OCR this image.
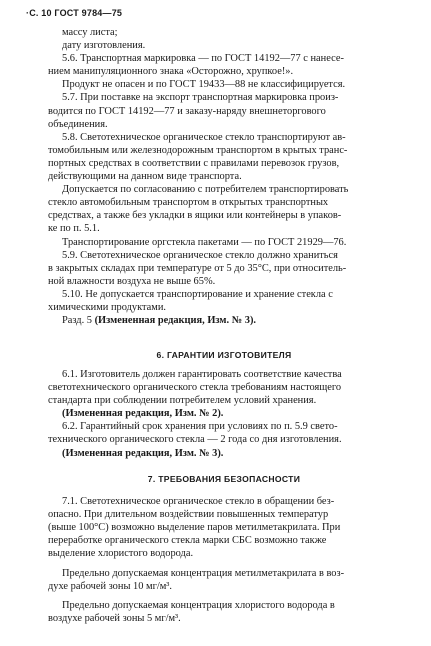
·С. 10 ГОСТ 9784—75
массу листа;
дату изготовления.
5.6. Транспортная маркировка — по ГОСТ 14192—77 с нанесе-
нием манипуляционного знака «Осторожно, хрупкое!».
Продукт не опасен и по ГОСТ 19433—88 не классифицируется.
5.7. При поставке на экспорт транспортная маркировка произ-
водится по ГОСТ 14192—77 и заказу-наряду внешнеторгового
объединения.
5.8. Светотехническое органическое стекло транспортируют ав-
томобильным или железнодорожным транспортом в крытых транс-
портных средствах в соответствии с правилами перевозок грузов,
действующими на данном виде транспорта.
Допускается по согласованию с потребителем транспортировать
стекло автомобильным транспортом в открытых транспортных
средствах, а также без укладки в ящики или контейнеры в упаков-
ке по п. 5.1.
Транспортирование оргстекла пакетами — по ГОСТ 21929—76.
5.9. Светотехническое органическое стекло должно храниться
в закрытых складах при температуре от 5 до 35°С, при относитель-
ной влажности воздуха не выше 65%.
5.10. Не допускается транспортирование и хранение стекла с
химическими продуктами.
Разд. 5 (Измененная редакция, Изм. № 3).
6. ГАРАНТИИ ИЗГОТОВИТЕЛЯ
6.1. Изготовитель должен гарантировать соответствие качества
светотехнического органического стекла требованиям настоящего
стандарта при соблюдении потребителем условий хранения.
(Измененная редакция, Изм. № 2).
6.2. Гарантийный срок хранения при условиях по п. 5.9 свето-
технического органического стекла — 2 года со дня изготовления.
(Измененная редакция, Изм. № 3).
7. ТРЕБОВАНИЯ БЕЗОПАСНОСТИ
7.1. Светотехническое органическое стекло в обращении без-
опасно. При длительном воздействии повышенных температур
(выше 100°С) возможно выделение паров метилметакрилата. При
переработке органического стекла марки СБС возможно также
выделение хлористого водорода.
Предельно допускаемая концентрация метилметакрилата в воз-
духе рабочей зоны 10 мг/м³.
Предельно допускаемая концентрация хлористого водорода в
воздухе рабочей зоны 5 мг/м³.
